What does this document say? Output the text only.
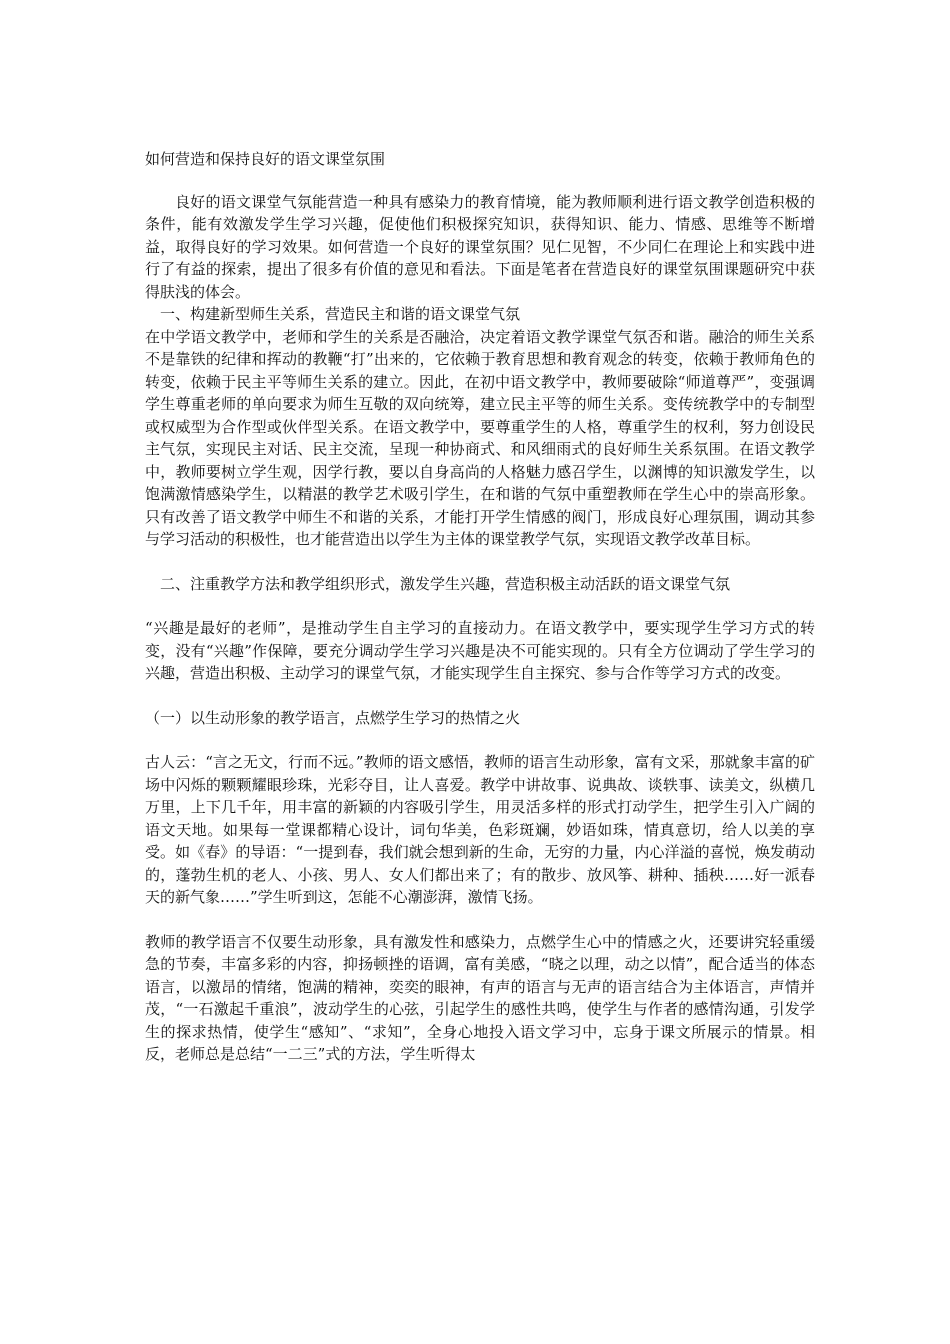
如何营造和保持良好的语文课堂氛围

良好的语文课堂气氛能营造一种具有感染力的教育情境，能为教师顺利进行语文教学创造积极的条件，能有效激发学生学习兴趣，促使他们积极探究知识，获得知识、能力、情感、思维等不断增益，取得良好的学习效果。如何营造一个良好的课堂氛围？见仁见智，不少同仁在理论上和实践中进行了有益的探索，提出了很多有价值的意见和看法。下面是笔者在营造良好的课堂氛围课题研究中获得肤浅的体会。

一、构建新型师生关系，营造民主和谐的语文课堂气氛

在中学语文教学中，老师和学生的关系是否融洽，决定着语文教学课堂气氛否和谐。融洽的师生关系不是靠铁的纪律和挥动的教鞭“打”出来的，它依赖于教育思想和教育观念的转变，依赖于教师角色的转变，依赖于民主平等师生关系的建立。因此，在初中语文教学中，教师要破除“师道尊严”，变强调学生尊重老师的单向要求为师生互敬的双向统筹，建立民主平等的师生关系。变传统教学中的专制型或权威型为合作型或伙伴型关系。在语文教学中，要尊重学生的人格，尊重学生的权利，努力创设民主气氛，实现民主对话、民主交流，呈现一种协商式、和风细雨式的良好师生关系氛围。在语文教学中，教师要树立学生观，因学行教，要以自身高尚的人格魅力感召学生，以渊博的知识激发学生，以饱满激情感染学生，以精湛的教学艺术吸引学生，在和谐的气氛中重塑教师在学生心中的崇高形象。只有改善了语文教学中师生不和谐的关系，才能打开学生情感的阀门，形成良好心理氛围，调动其参与学习活动的积极性，也才能营造出以学生为主体的课堂教学气氛，实现语文教学改革目标。

二、注重教学方法和教学组织形式，激发学生兴趣，营造积极主动活跃的语文课堂气氛

“兴趣是最好的老师”，是推动学生自主学习的直接动力。在语文教学中，要实现学生学习方式的转变，没有“兴趣”作保障，要充分调动学生学习兴趣是决不可能实现的。只有全方位调动了学生学习的兴趣，营造出积极、主动学习的课堂气氛，才能实现学生自主探究、参与合作等学习方式的改变。

（一）以生动形象的教学语言，点燃学生学习的热情之火

古人云：“言之无文，行而不远。”教师的语文感悟，教师的语言生动形象，富有文采，那就象丰富的矿场中闪烁的颗颗耀眼珍珠，光彩夺目，让人喜爱。教学中讲故事、说典故、谈轶事、读美文，纵横几万里，上下几千年，用丰富的新颖的内容吸引学生，用灵活多样的形式打动学生，把学生引入广阔的语文天地。如果每一堂课都精心设计，词句华美，色彩斑斓，妙语如珠，情真意切，给人以美的享受。如《春》的导语：“一提到春，我们就会想到新的生命，无穷的力量，内心洋溢的喜悦，焕发萌动的，蓬勃生机的老人、小孩、男人、女人们都出来了；有的散步、放风筝、耕种、插秧……好一派春天的新气象……”学生听到这，怎能不心潮澎湃，激情飞扬。

教师的教学语言不仅要生动形象，具有激发性和感染力，点燃学生心中的情感之火，还要讲究轻重缓急的节奏，丰富多彩的内容，抑扬顿挫的语调，富有美感，“晓之以理，动之以情”，配合适当的体态语言，以激昂的情绪，饱满的精神，奕奕的眼神，有声的语言与无声的语言结合为主体语言，声情并茂，“一石激起千重浪”，波动学生的心弦，引起学生的感性共鸣，使学生与作者的感情沟通，引发学生的探求热情，使学生“感知”、“求知”，全身心地投入语文学习中，忘身于课文所展示的情景。相反，老师总是总结“一二三”式的方法，学生听得太
